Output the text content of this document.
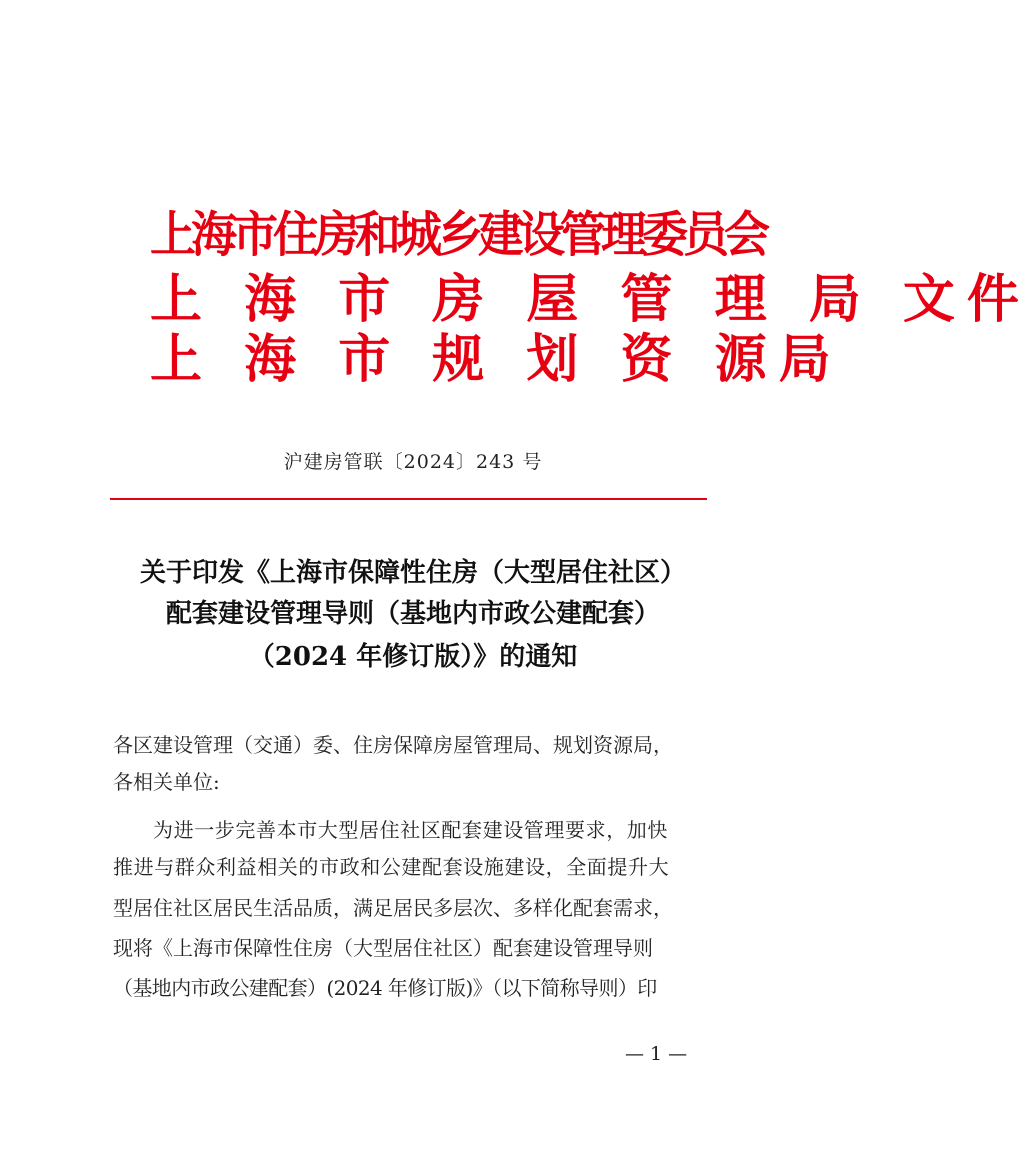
上海市住房和城乡建设管理委员会
上 海 市 房 屋 管 理 局 文件
上 海 市 规 划 资 源局
沪建房管联〔2024〕243 号
关于印发《上海市保障性住房（大型居住社区）
配套建设管理导则（基地内市政公建配套）
（2024 年修订版）》的通知
各区建设管理（交通）委、住房保障房屋管理局、规划资源局，
各相关单位:
为进一步完善本市大型居住社区配套建设管理要求，加快
推进与群众利益相关的市政和公建配套设施建设，全面提升大
型居住社区居民生活品质，满足居民多层次、多样化配套需求，
现将《上海市保障性住房（大型居住社区）配套建设管理导则
（基地内市政公建配套）(2024 年修订版)》（以下简称导则）印
— 1 —
